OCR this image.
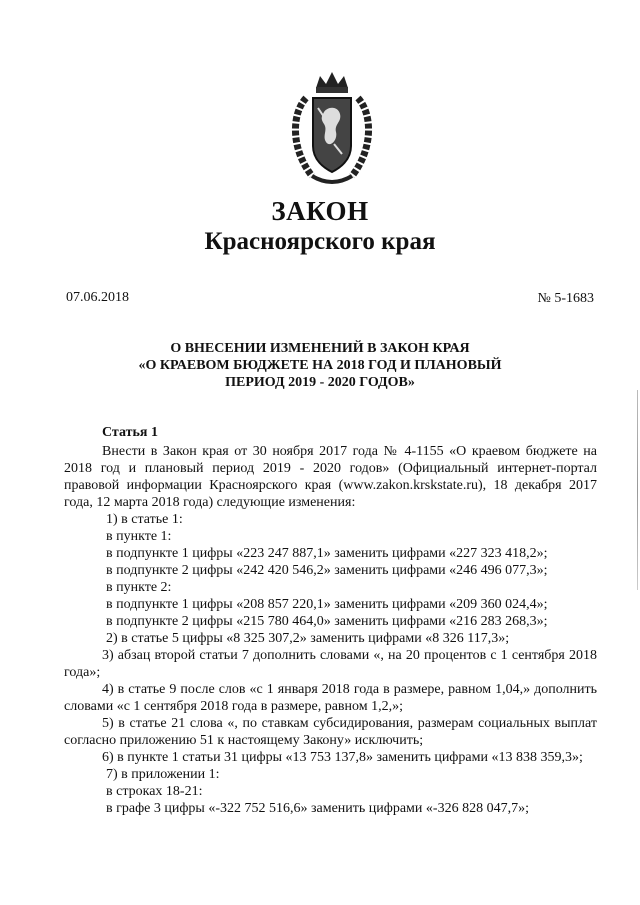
ЗАКОН
Красноярского края
07.06.2018	№ 5-1683
О ВНЕСЕНИИ ИЗМЕНЕНИЙ В ЗАКОН КРАЯ
«О КРАЕВОМ БЮДЖЕТЕ НА 2018 ГОД И ПЛАНОВЫЙ
ПЕРИОД 2019 - 2020 ГОДОВ»
Статья 1

Внести в Закон края от 30 ноября 2017 года № 4-1155 «О краевом бюджете на 2018 год и плановый период 2019 - 2020 годов» (Официальный интернет-портал правовой информации Красноярского края (www.zakon.krskstate.ru), 18 декабря 2017 года, 12 марта 2018 года) следующие изменения:

1) в статье 1:

в пункте 1:

в подпункте 1 цифры «223 247 887,1» заменить цифрами «227 323 418,2»;

в подпункте 2 цифры «242 420 546,2» заменить цифрами «246 496 077,3»;

в пункте 2:

в подпункте 1 цифры «208 857 220,1» заменить цифрами «209 360 024,4»;

в подпункте 2 цифры «215 780 464,0» заменить цифрами «216 283 268,3»;

2) в статье 5 цифры «8 325 307,2» заменить цифрами «8 326 117,3»;

3) абзац второй статьи 7 дополнить словами «, на 20 процентов с 1 сентября 2018 года»;

4) в статье 9 после слов «с 1 января 2018 года в размере, равном 1,04,» дополнить словами «с 1 сентября 2018 года в размере, равном 1,2,»;

5) в статье 21 слова «, по ставкам субсидирования, размерам социальных выплат согласно приложению 51 к настоящему Закону» исключить;

6) в пункте 1 статьи 31 цифры «13 753 137,8» заменить цифрами «13 838 359,3»;

7) в приложении 1:

в строках 18-21:

в графе 3 цифры «-322 752 516,6» заменить цифрами «-326 828 047,7»;
